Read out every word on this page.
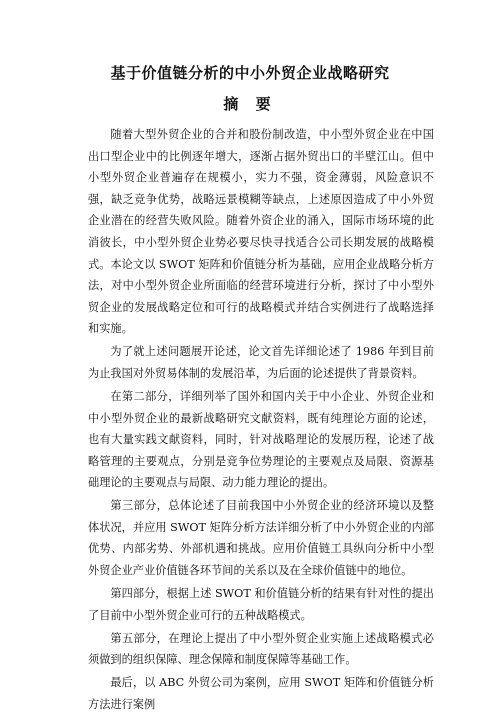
基于价值链分析的中小外贸企业战略研究
摘 要

随着大型外贸企业的合并和股份制改造，中小型外贸企业在中国出口型企业中的比例逐年增大，逐渐占据外贸出口的半壁江山。但中小型外贸企业普遍存在规模小，实力不强，资金薄弱，风险意识不强，缺乏竞争优势，战略远景模糊等缺点，上述原因造成了中小外贸企业潜在的经营失败风险。随着外资企业的涌入，国际市场环境的此消彼长，中小型外贸企业势必要尽快寻找适合公司长期发展的战略模式。本论文以 SWOT 矩阵和价值链分析为基础，应用企业战略分析方法，对中小型外贸企业所面临的经营环境进行分析，探讨了中小型外贸企业的发展战略定位和可行的战略模式并结合实例进行了战略选择和实施。

为了就上述问题展开论述，论文首先详细论述了 1986 年到目前为止我国对外贸易体制的发展沿革，为后面的论述提供了背景资料。

在第二部分，详细列举了国外和国内关于中小企业、外贸企业和中小型外贸企业的最新战略研究文献资料，既有纯理论方面的论述，也有大量实践文献资料，同时，针对战略理论的发展历程，论述了战略管理的主要观点，分别是竞争位势理论的主要观点及局限、资源基础理论的主要观点与局限、动力能力理论的提出。

第三部分，总体论述了目前我国中小外贸企业的经济环境以及整体状况，并应用 SWOT 矩阵分析方法详细分析了中小外贸企业的内部优势、内部劣势、外部机遇和挑战。应用价值链工具纵向分析中小型外贸企业产业价值链各环节间的关系以及在全球价值链中的地位。

第四部分，根据上述 SWOT 和价值链分析的结果有针对性的提出了目前中小型外贸企业可行的五种战略模式。

第五部分，在理论上提出了中小型外贸企业实施上述战略模式必须做到的组织保障、理念保障和制度保障等基础工作。

最后，以 ABC 外贸公司为案例，应用 SWOT 矩阵和价值链分析方法进行案例
